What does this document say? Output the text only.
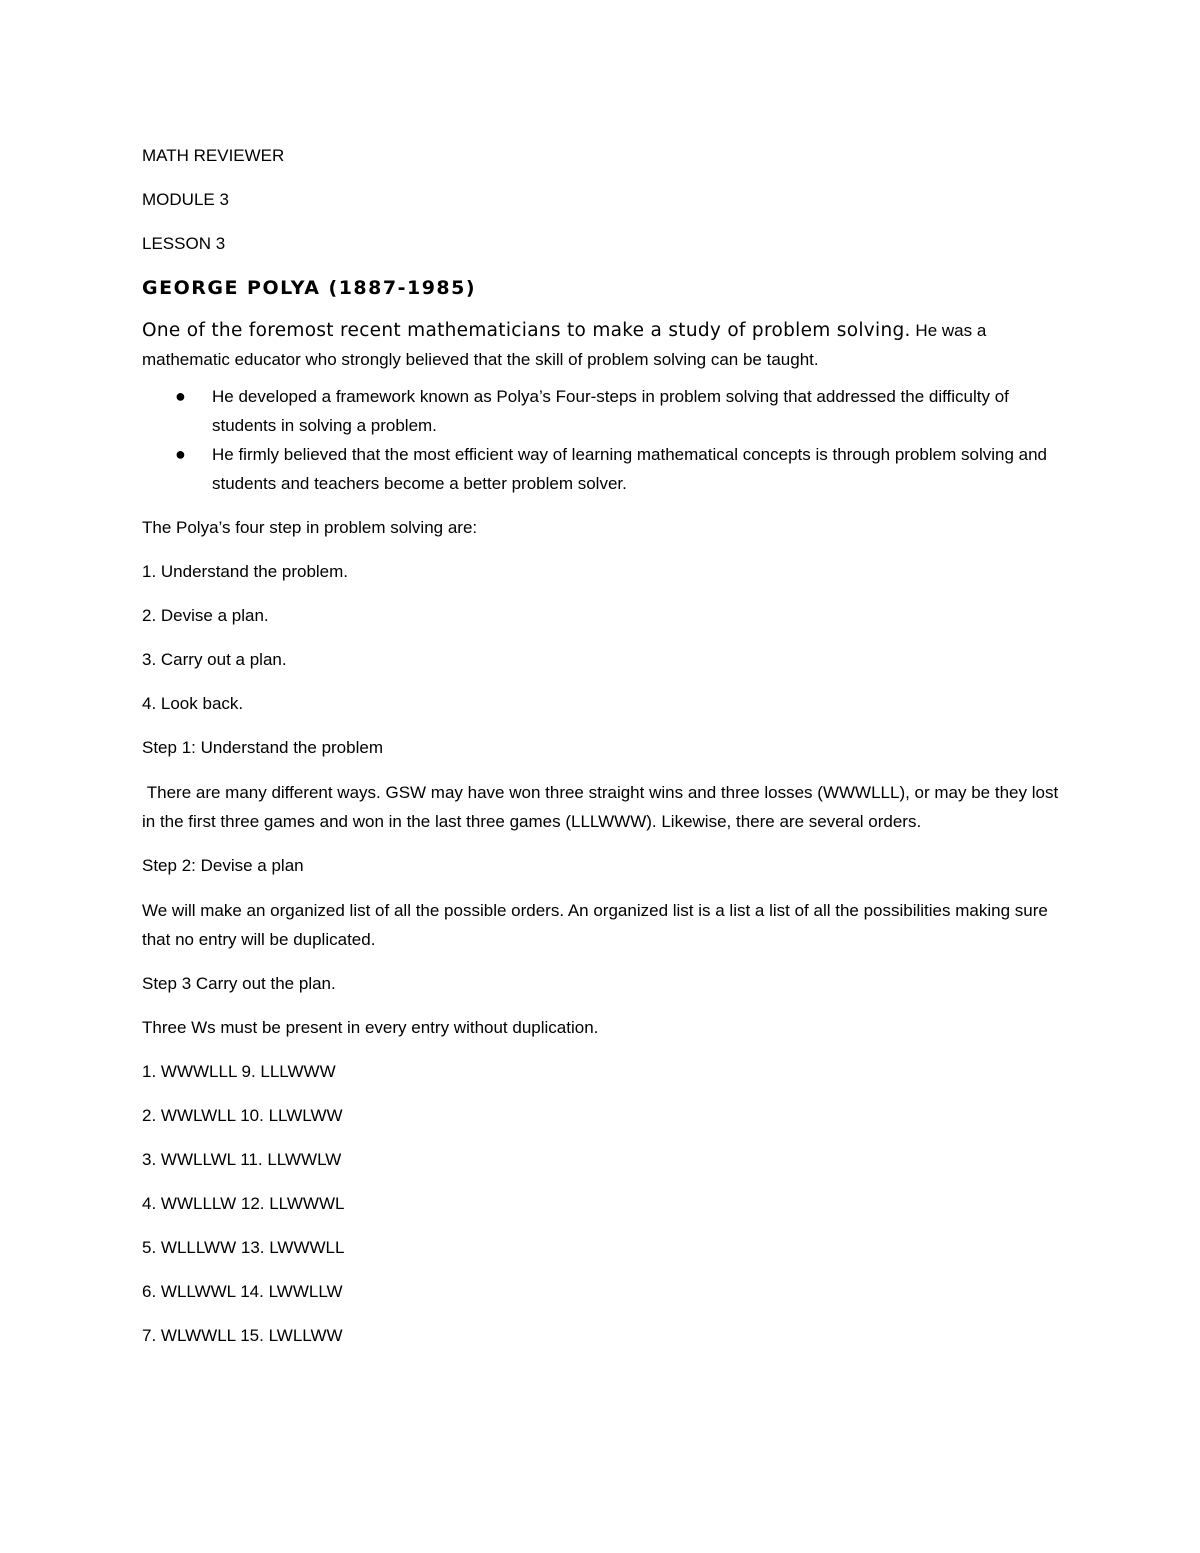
MATH REVIEWER

MODULE 3

LESSON 3

GEORGE POLYA (1887-1985)

One of the foremost recent mathematicians to make a study of problem solving. He was a mathematic educator who strongly believed that the skill of problem solving can be taught.

● He developed a framework known as Polya’s Four-steps in problem solving that addressed the difficulty of students in solving a problem.
● He firmly believed that the most efficient way of learning mathematical concepts is through problem solving and students and teachers become a better problem solver.

The Polya’s four step in problem solving are:

1. Understand the problem.

2. Devise a plan.

3. Carry out a plan.

4. Look back.

Step 1: Understand the problem

There are many different ways. GSW may have won three straight wins and three losses (WWWLLL), or may be they lost in the first three games and won in the last three games (LLLWWW). Likewise, there are several orders.

Step 2: Devise a plan

We will make an organized list of all the possible orders. An organized list is a list a list of all the possibilities making sure that no entry will be duplicated.

Step 3 Carry out the plan.

Three Ws must be present in every entry without duplication.

1. WWWLLL 9. LLLWWW

2. WWLWLL 10. LLWLWW

3. WWLLWL 11. LLWWLW

4. WWLLLW 12. LLWWWL

5. WLLLWW 13. LWWWLL

6. WLLWWL 14. LWWLLW

7. WLWWLL 15. LWLLWW
